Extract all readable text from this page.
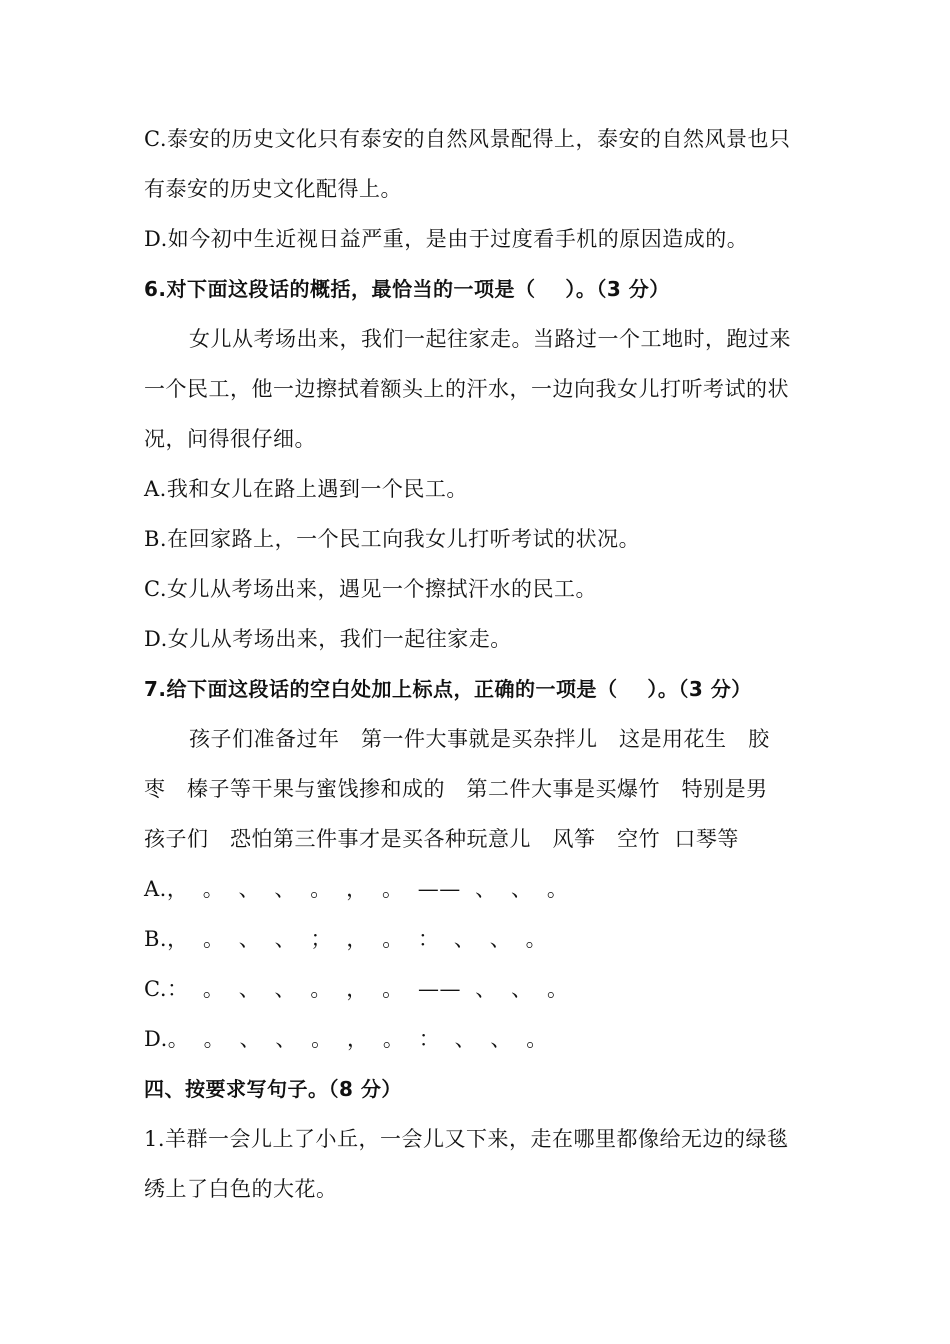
C.泰安的历史文化只有泰安的自然风景配得上，泰安的自然风景也只
有泰安的历史文化配得上。
D.如今初中生近视日益严重，是由于过度看手机的原因造成的。
6.对下面这段话的概括，最恰当的一项是（    ）。（3 分）
女儿从考场出来，我们一起往家走。当路过一个工地时，跑过来
一个民工，他一边擦拭着额头上的汗水，一边向我女儿打听考试的状
况，问得很仔细。
A.我和女儿在路上遇到一个民工。
B.在回家路上，一个民工向我女儿打听考试的状况。
C.女儿从考场出来，遇见一个擦拭汗水的民工。
D.女儿从考场出来，我们一起往家走。
7.给下面这段话的空白处加上标点，正确的一项是（    ）。（3 分）
孩子们准备过年   第一件大事就是买杂拌儿   这是用花生   胶
枣   榛子等干果与蜜饯掺和成的   第二件大事是买爆竹   特别是男
孩子们   恐怕第三件事才是买各种玩意儿   风筝   空竹  口琴等
A.，  。  、  、  。  ，  。  ——  、  、  。
B.，  。  、  、  ；  ，  。  ：  、  、  。
C.：  。  、  、  。  ，  。  ——  、  、  。
D.。  。  、  、  。  ，  。  ：  、  、  。
四、按要求写句子。（8 分）
1.羊群一会儿上了小丘，一会儿又下来，走在哪里都像给无边的绿毯
绣上了白色的大花。
